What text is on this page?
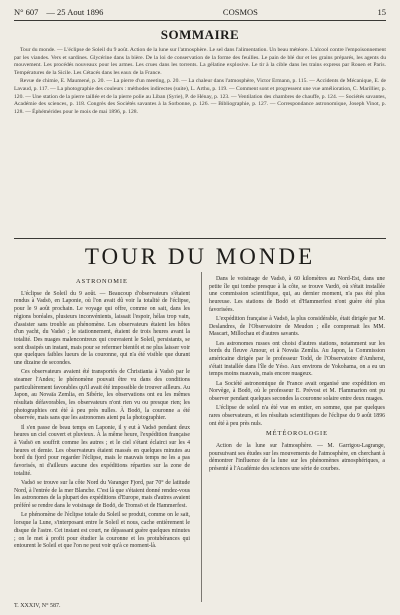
N° 607 — 25 Aout 1896	COSMOS	15
SOMMAIRE

Tour du monde. — L'éclipse de Soleil du 9 août. Action de la lune sur l'atmosphère. Le sel dans l'alimentation. Un beau météore. L'alcool contre l'empoisonnement par les viandes. Vers et sardines. Glycérine dans la bière. De la loi de conservation de la forme des feuilles. Le pain de blé dur et les grains préparés, les agents du mouvement. Les procédés nouveaux pour les armes. Les crues dans les torrents. La gélatine explosive. Le tir à la cible dans les trains express par Rouen et Paris. Températures de la Sicile. Les Cétacés dans les eaux de la France.

Revue de chimie, E. Maumené, p. 20. — La pierre d'un meeting, p. 20. — La chaleur dans l'atmosphère, Victor Ermann, p. 115. — Accidents de Mécanique, E. de Lavaud, p. 117. — La photographie des couleurs : méthodes indirectes (suite), L. Arthu, p. 119. — Comment sont et progressent une vue amélioration, C. Marillier, p. 120. — Une station de la pierre taillée et de la pierre polie au Liban (Syrie), P. de Hénay, p. 123. — Ventilation des chambres de chauffe, p. 124. — Sociétés savantes, Académie des sciences, p. 118. Congrès des Sociétés savantes à la Sorbonne, p. 126. — Bibliographie, p. 127. — Correspondance astronomique, Joseph Vinot, p. 128. — Éphémérides pour le mois de mai 1896, p. 128.

TOUR DU MONDE
ASTRONOMIE

L'éclipse de Soleil du 9 août. — Beaucoup d'observateurs s'étaient rendus à Vadsö, en Laponie, où l'on avait dû voir la totalité de l'éclipse, pour le 9 août prochain. Le voyage qui offre, comme on sait, dans les régions boréales, plusieurs inconvénients, laissait l'espoir, hélas trop vain, d'assister sans trouble au phénomène. Les observateurs étaient les hôtes d'un yacht, du Vadsö ; le stationnement, étaient de trois heures avant la totalité. Des nuages malencontreux qui couvraient le Soleil, persistants, se sont dissipés un instant, mais pour se refermer bientôt et ne plus laisser voir que quelques faibles lueurs de la couronne, qui n'a été visible que durant une dizaine de secondes.

Ces observateurs avaient été transportés de Christiania à Vadsö par le steamer l'Andes; le phénomène pouvait être vu dans des conditions particulièrement favorables qu'il avait été impossible de trouver ailleurs. Au Japon, au Novaïa Zemlia, en Sibérie, les observations ont eu les mêmes résultats défavorables, les observateurs n'ont rien vu ou presque rien; les photographies ont été à peu près nulles. À Bodö, la couronne a été observée, mais sans que les astronomes aient pu la photographier.

Il s'en passe de beau temps en Laponie, il y eut à Vadsö pendant deux heures un ciel couvert et pluvieux. À la même heure, l'expédition française à Vadsö en souffrit comme les autres ; et le ciel s'étant éclairci sur les 4 heures et demie. Les observateurs étaient massés en quelques minutes au bord du fjord pour regarder l'éclipse, mais le mauvais temps ne les a pas favorisés, ni d'ailleurs aucune des expéditions réparties sur la zone de totalité.

Vadsö se trouve sur la côte Nord du Varanger Fjord, par 70° de latitude Nord, à l'entrée de la mer Blanche. C'est là que s'étaient donné rendez-vous les astronomes de la plupart des expéditions d'Europe, mais d'autres avaient préféré se rendre dans le voisinage de Bodö, de Tromsö et de Hammerfest.

Le phénomène de l'éclipse totale du Soleil se produit, comme on le sait, lorsque la Lune, s'interposant entre le Soleil et nous, cache entièrement le disque de l'astre. Cet instant est court, ne dépassant guère quelques minutes ; on le met à profit pour étudier la couronne et les protubérances qui entourent le Soleil et que l'on ne peut voir qu'à ce moment-là.

Dans le voisinage de Vadsö, à 60 kilomètres au Nord-Est, dans une petite île qui tombe presque à la côte, se trouve Vardö, où s'était installée une commission scientifique, qui, au dernier moment, n'a pas été plus heureuse. Les stations de Bodö et d'Hammerfest n'ont guère été plus favorisées.

L'expédition française à Vadsö, la plus considérable, était dirigée par M. Deslandres, de l'Observatoire de Meudon ; elle comprenait les MM. Mascart, Millochau et d'autres savants.

Les astronomes russes ont choisi d'autres stations, notamment sur les bords du fleuve Amour, et à Novaïa Zemlia. Au Japon, la Commission américaine dirigée par le professeur Todd, de l'Observatoire d'Amherst, s'était installée dans l'île de Yéso. Aux environs de Yokohama, on a eu un temps moins mauvais, mais encore nuageux.

La Société astronomique de France avait organisé une expédition en Norvège, à Bodö, où le professeur E. Prévost et M. Flammarion ont pu observer pendant quelques secondes la couronne solaire entre deux nuages.

L'éclipse de soleil n'a été vue en entier, en somme, que par quelques rares observateurs, et les résultats scientifiques de l'éclipse du 9 août 1896 ont été à peu près nuls.

MÉTÉOROLOGIE

Action de la lune sur l'atmosphère. — M. Garrigou-Lagrange, poursuivant ses études sur les mouvements de l'atmosphère, en cherchant à démontrer l'influence de la lune sur les phénomènes atmosphériques, a présenté à l'Académie des sciences une série de courbes.

T. XXXIV, N° 587.
